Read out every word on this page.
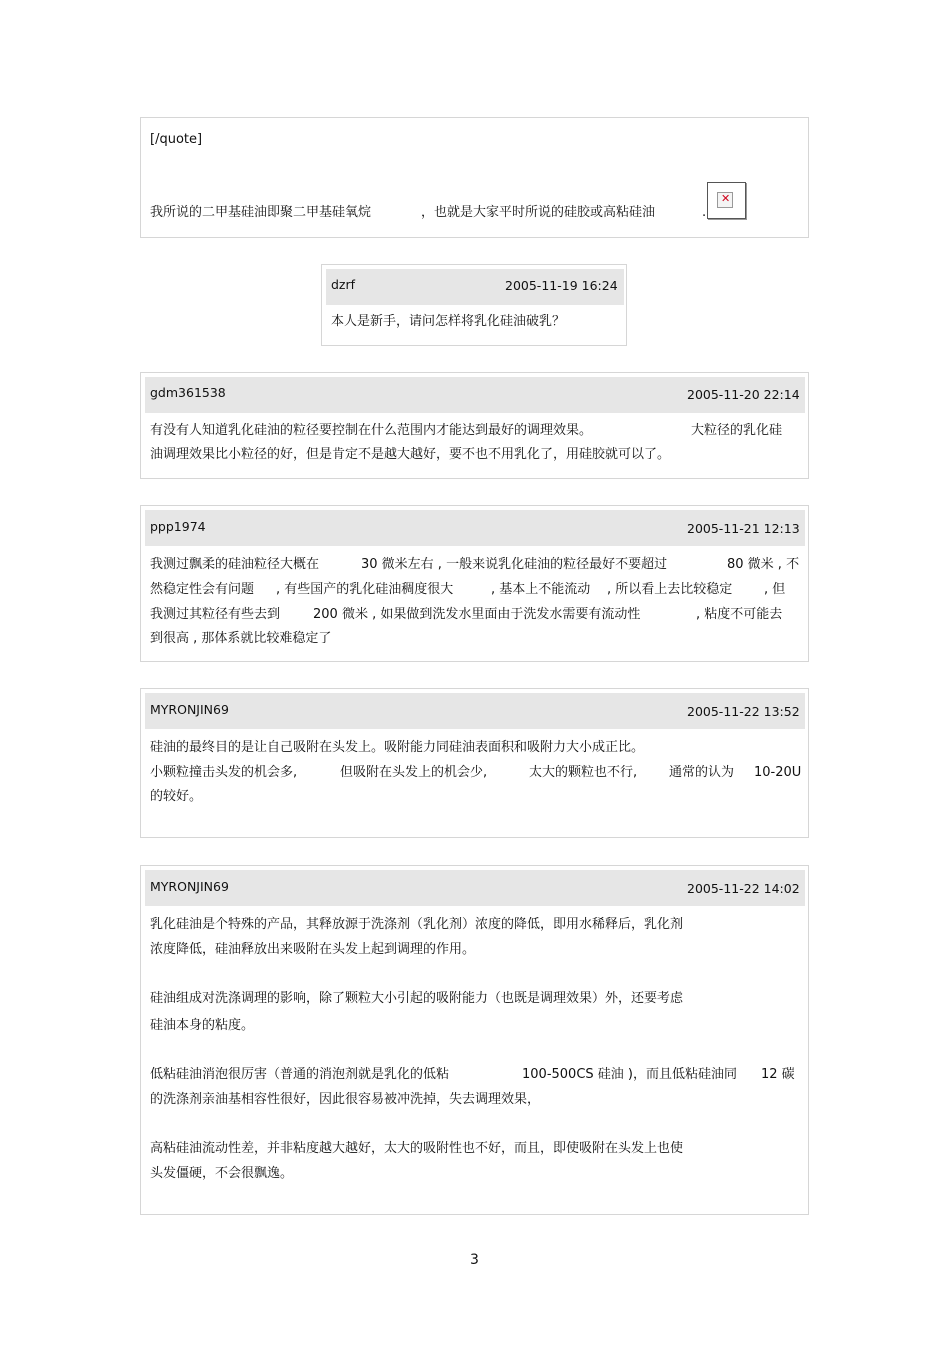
[/quote]
我所说的二甲基硅油即聚二甲基硅氧烷	，也就是大家平时所说的硅胶或高粘硅油	.
✕
dzrf	2005-11-19 16:24
本人是新手，请问怎样将乳化硅油破乳？
gdm361538	2005-11-20 22:14
有没有人知道乳化硅油的粒径要控制在什么范围内才能达到最好的调理效果。	大粒径的乳化硅
油调理效果比小粒径的好，但是肯定不是越大越好，要不也不用乳化了，用硅胶就可以了。
ppp1974	2005-11-21 12:13
我测过飘柔的硅油粒径大概在	30 微米左右 , 一般来说乳化硅油的粒径最好不要超过	80 微米 , 不
然稳定性会有问题 , 有些国产的乳化硅油稠度很大	, 基本上不能流动 , 所以看上去比较稳定 , 但
我测过其粒径有些去到	200 微米 , 如果做到洗发水里面由于洗发水需要有流动性	, 粘度不可能去
到很高 , 那体系就比较难稳定了
MYRONJIN69	2005-11-22 13:52
硅油的最终目的是让自己吸附在头发上。吸附能力同硅油表面积和吸附力大小成正比。
小颗粒撞击头发的机会多,	但吸附在头发上的机会少,	太大的颗粒也不行, 通常的认为 10-20U
的较好。
MYRONJIN69	2005-11-22 14:02
乳化硅油是个特殊的产品，其释放源于洗涤剂（乳化剂）浓度的降低，即用水稀释后，乳化剂
浓度降低，硅油释放出来吸附在头发上起到调理的作用。
硅油组成对洗涤调理的影响，除了颗粒大小引起的吸附能力（也既是调理效果）外，还要考虑
硅油本身的粘度。
低粘硅油消泡很厉害（普通的消泡剂就是乳化的低粘	100-500CS 硅油 )，而且低粘硅油同 12 碳
的洗涤剂亲油基相容性很好，因此很容易被冲洗掉，失去调理效果，
高粘硅油流动性差，并非粘度越大越好，太大的吸附性也不好，而且，即使吸附在头发上也使
头发僵硬，不会很飘逸。
3
